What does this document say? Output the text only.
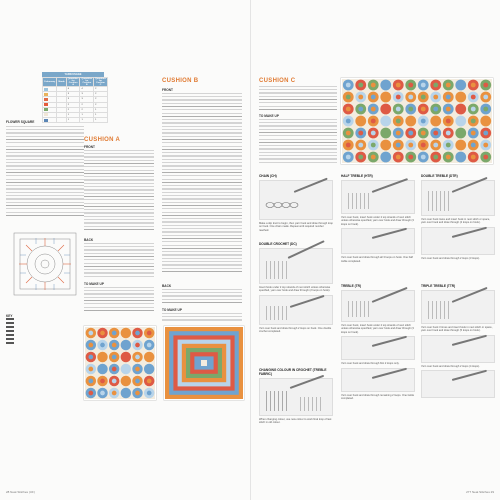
YARN USAGE
Colourway	Shade	Quantities for Cushion A	Quantities for Cushion B	Quantities for Cushion C
		4	4	2
		3	3	2
		3	3	2
		2	2	2
		2	2	1
		1	1	1
		1	1	1
FLOWER SQUARE
KEY
CUSHION A
FRONT
BACK
TO MAKE UP
CUSHION B
FRONT
BACK
TO MAKE UP
28 Neat Stitches (UF)
CUSHION C
TO MAKE UP
CHAIN (CH)
Make a slip knot to begin, then yarn hook and draw through loop on hook. One chain made. Repeat until required number reached.
DOUBLE CROCHET (DC)
Insert hook under 2 top strands of next stitch unless otherwise specified, yarn over hook and draw through (2 loops on hook).
Yarn over hook and draw through 2 loops on hook. One double crochet completed.
CHANGING COLOUR IN CROCHET (TREBLE FABRIC)
When changing colour, use new colour to work final loop of last stitch in old colour.
HALF TREBLE (HTR)
Yarn over hook, insert hook under 2 top strands of next stitch unless otherwise specified, yarn over hook and draw through (3 loops on hook).
Yarn over hook and draw through all 3 loops on hook. One half treble completed.
TREBLE (TR)
Yarn over hook, insert hook under 2 top strands of next stitch unless otherwise specified, yarn over hook and draw through (3 loops on hook).
Yarn over hook and draw through first 2 loops only.
Yarn over hook and draw through remaining 2 loops. One treble completed.
DOUBLE TREBLE (DTR)
Yarn over hook twice and insert hook in next stitch or space, yarn over hook and draw through (4 loops on hook).
Yarn over hook and draw through 2 loops (3 loops).
TRIPLE TREBLE (TTR)
Yarn over hook 3 times and insert hook in next stitch or space, yarn over hook and draw through (5 loops on hook).
Yarn over hook and draw through 2 loops (4 loops).
277 Neat Stitches 29
